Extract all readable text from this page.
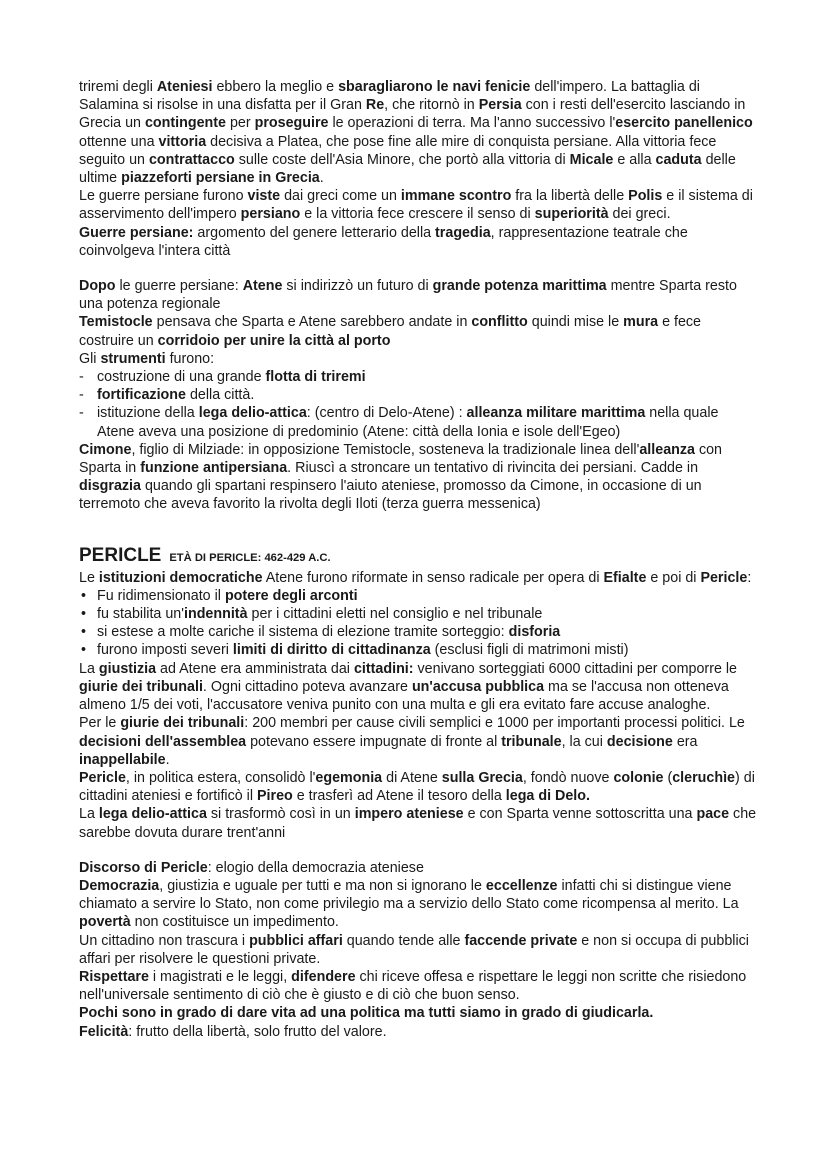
triremi degli Ateniesi ebbero la meglio e sbaragliarono le navi fenicie dell'impero. La battaglia di Salamina si risolse in una disfatta per il Gran Re, che ritornò in Persia con i resti dell'esercito lasciando in Grecia un contingente per proseguire le operazioni di terra. Ma l'anno successivo l'esercito panellenico ottenne una vittoria decisiva a Platea, che pose fine alle mire di conquista persiane. Alla vittoria fece seguito un contrattacco sulle coste dell'Asia Minore, che portò alla vittoria di Micale e alla caduta delle ultime piazzeforti persiane in Grecia.

Le guerre persiane furono viste dai greci come un immane scontro fra la libertà delle Polis e il sistema di asservimento dell'impero persiano e la vittoria fece crescere il senso di superiorità dei greci.

Guerre persiane: argomento del genere letterario della tragedia, rappresentazione teatrale che coinvolgeva l'intera città

Dopo le guerre persiane: Atene si indirizzò un futuro di grande potenza marittima mentre Sparta resto una potenza regionale

Temistocle pensava che Sparta e Atene sarebbero andate in conflitto quindi mise le mura e fece costruire un corridoio per unire la città al porto

Gli strumenti furono:

- costruzione di una grande flotta di triremi
- fortificazione della città.
- istituzione della lega delio-attica: (centro di Delo-Atene) : alleanza militare marittima nella quale Atene aveva una posizione di predominio (Atene: città della Ionia e isole dell'Egeo)

Cimone, figlio di Milziade: in opposizione Temistocle, sosteneva la tradizionale linea dell'alleanza con Sparta in funzione antipersiana. Riuscì a stroncare un tentativo di rivincita dei persiani. Cadde in disgrazia quando gli spartani respinsero l'aiuto ateniese, promosso da Cimone, in occasione di un terremoto che aveva favorito la rivolta degli Iloti (terza guerra messenica)

PERICLE ETÀ DI PERICLE: 462-429 A.C.

Le istituzioni democratiche Atene furono riformate in senso radicale per opera di Efialte e poi di Pericle:

• Fu ridimensionato il potere degli arconti
• fu stabilita un'indennità per i cittadini eletti nel consiglio e nel tribunale
• si estese a molte cariche il sistema di elezione tramite sorteggio: disforia
• furono imposti severi limiti di diritto di cittadinanza (esclusi figli di matrimoni misti)

La giustizia ad Atene era amministrata dai cittadini: venivano sorteggiati 6000 cittadini per comporre le giurie dei tribunali. Ogni cittadino poteva avanzare un'accusa pubblica ma se l'accusa non otteneva almeno 1/5 dei voti, l'accusatore veniva punito con una multa e gli era evitato fare accuse analoghe.

Per le giurie dei tribunali: 200 membri per cause civili semplici e 1000 per importanti processi politici. Le decisioni dell'assemblea potevano essere impugnate di fronte al tribunale, la cui decisione era inappellabile.

Pericle, in politica estera, consolidò l'egemonia di Atene sulla Grecia, fondò nuove colonie (cleruchìe) di cittadini ateniesi e fortificò il Pireo e trasferì ad Atene il tesoro della lega di Delo.

La lega delio-attica si trasformò così in un impero ateniese e con Sparta venne sottoscritta una pace che sarebbe dovuta durare trent'anni

Discorso di Pericle: elogio della democrazia ateniese

Democrazia, giustizia e uguale per tutti e ma non si ignorano le eccellenze infatti chi si distingue viene chiamato a servire lo Stato, non come privilegio ma a servizio dello Stato come ricompensa al merito. La povertà non costituisce un impedimento.

Un cittadino non trascura i pubblici affari quando tende alle faccende private e non si occupa di pubblici affari per risolvere le questioni private.

Rispettare i magistrati e le leggi, difendere chi riceve offesa e rispettare le leggi non scritte che risiedono nell'universale sentimento di ciò che è giusto e di ciò che buon senso.

Pochi sono in grado di dare vita ad una politica ma tutti siamo in grado di giudicarla.

Felicità: frutto della libertà, solo frutto del valore.
